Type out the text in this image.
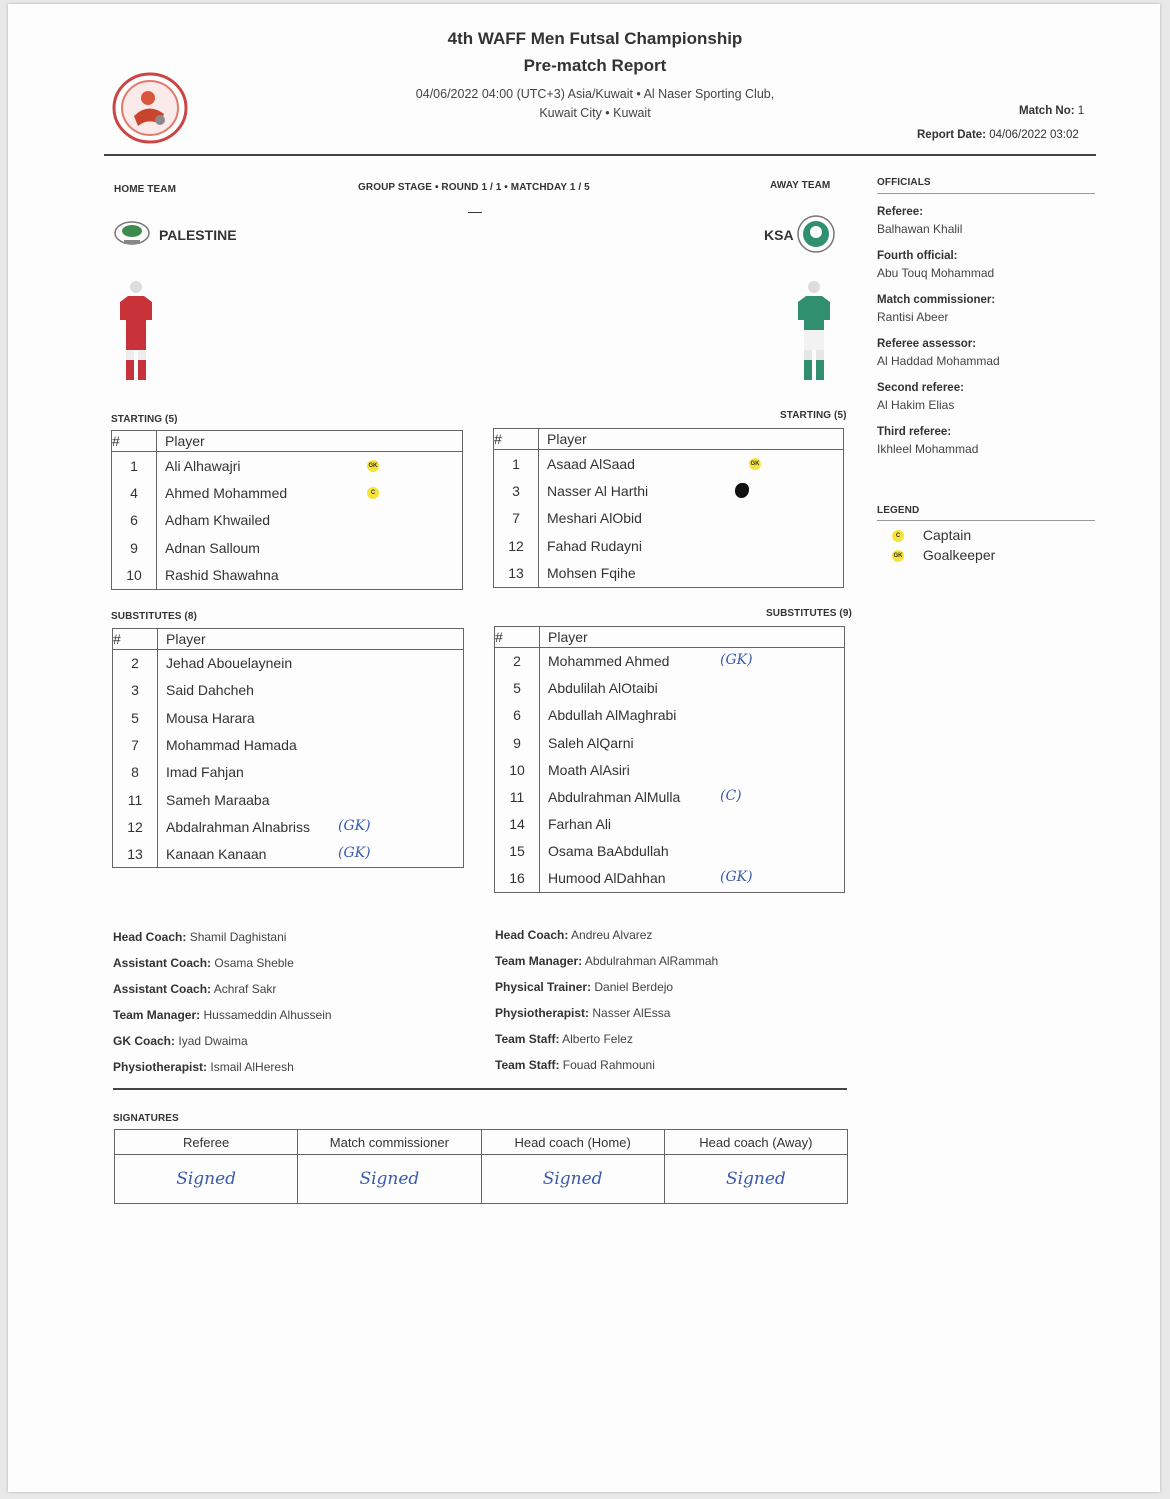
4th WAFF Men Futsal Championship
Pre-match Report
04/06/2022 04:00 (UTC+3) Asia/Kuwait • Al Naser Sporting Club,
Kuwait City • Kuwait	Match No: 1
Report Date: 04/06/2022 03:02
HOME TEAM	GROUP STAGE • ROUND 1 / 1 • MATCHDAY 1 / 5	AWAY TEAM
—
PALESTINE	KSA
STARTING (5)
#	Player
1	Ali Alhawajri GK

4	Ahmed Mohammed C

6	Adham Khwailed
9	Adnan Salloum
10	Rashid Shawahna
STARTING (5)
#	Player
1	Asaad AlSaad GK

3	Nasser Al Harthi

7	Meshari AlObid
12	Fahad Rudayni
13	Mohsen Fqihe
SUBSTITUTES (8)
#	Player
2	Jehad Abouelaynein
3	Said Dahcheh
5	Mousa Harara
7	Mohammad Hamada
8	Imad Fahjan
11	Sameh Maraaba
12	Abdalrahman Alnabriss (GK)

13	Kanaan Kanaan (GK)
SUBSTITUTES (9)
#	Player
2	Mohammed Ahmed (GK)

5	Abdulilah AlOtaibi
6	Abdullah AlMaghrabi
9	Saleh AlQarni
10	Moath AlAsiri
11	Abdulrahman AlMulla (C)

14	Farhan Ali
15	Osama BaAbdullah
16	Humood AlDahhan (GK)
OFFICIALS
Referee:
Balhawan Khalil
Fourth official:
Abu Touq Mohammad
Match commissioner:
Rantisi Abeer
Referee assessor:
Al Haddad Mohammad
Second referee:
Al Hakim Elias
Third referee:
Ikhleel Mohammad
LEGEND
C Captain
GK Goalkeeper
Head Coach: Shamil Daghistani
Assistant Coach: Osama Sheble
Assistant Coach: Achraf Sakr
Team Manager: Hussameddin Alhussein
GK Coach: Iyad Dwaima
Physiotherapist: Ismail AlHeresh
Head Coach: Andreu Alvarez
Team Manager: Abdulrahman AlRammah
Physical Trainer: Daniel Berdejo
Physiotherapist: Nasser AlEssa
Team Staff: Alberto Felez
Team Staff: Fouad Rahmouni
SIGNATURES
Referee	Match commissioner	Head coach (Home)	Head coach (Away)
Signed	Signed	Signed	Signed
